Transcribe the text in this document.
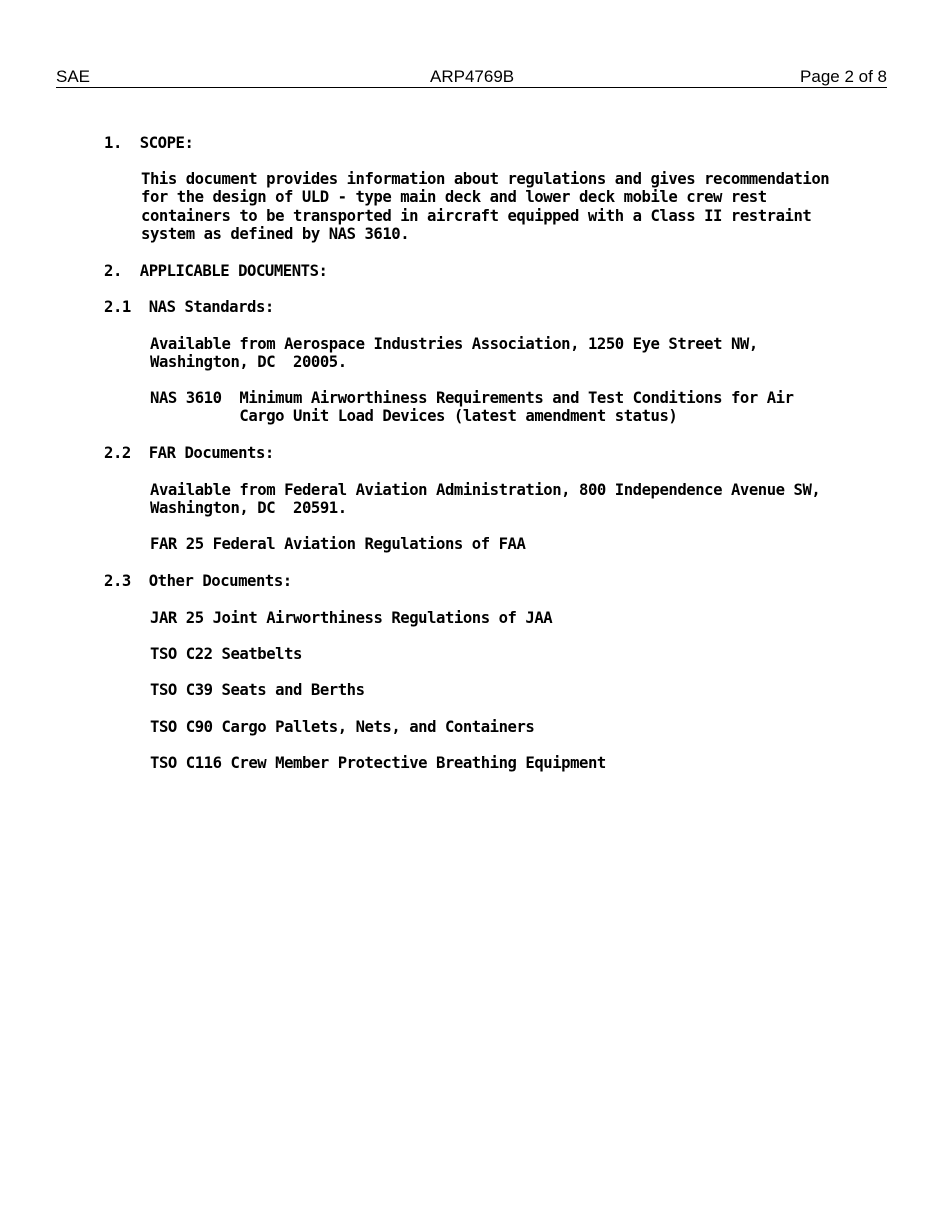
SAE	ARP4769B	Page 2 of 8
1.  SCOPE:
This document provides information about regulations and gives recommendation
for the design of ULD - type main deck and lower deck mobile crew rest
containers to be transported in aircraft equipped with a Class II restraint
system as defined by NAS 3610.
2.  APPLICABLE DOCUMENTS:
2.1  NAS Standards:
Available from Aerospace Industries Association, 1250 Eye Street NW,
Washington, DC  20005.
NAS 3610  Minimum Airworthiness Requirements and Test Conditions for Air
Cargo Unit Load Devices (latest amendment status)
2.2  FAR Documents:
Available from Federal Aviation Administration, 800 Independence Avenue SW,
Washington, DC  20591.
FAR 25 Federal Aviation Regulations of FAA
2.3  Other Documents:
JAR 25 Joint Airworthiness Regulations of JAA
TSO C22 Seatbelts
TSO C39 Seats and Berths
TSO C90 Cargo Pallets, Nets, and Containers
TSO C116 Crew Member Protective Breathing Equipment
